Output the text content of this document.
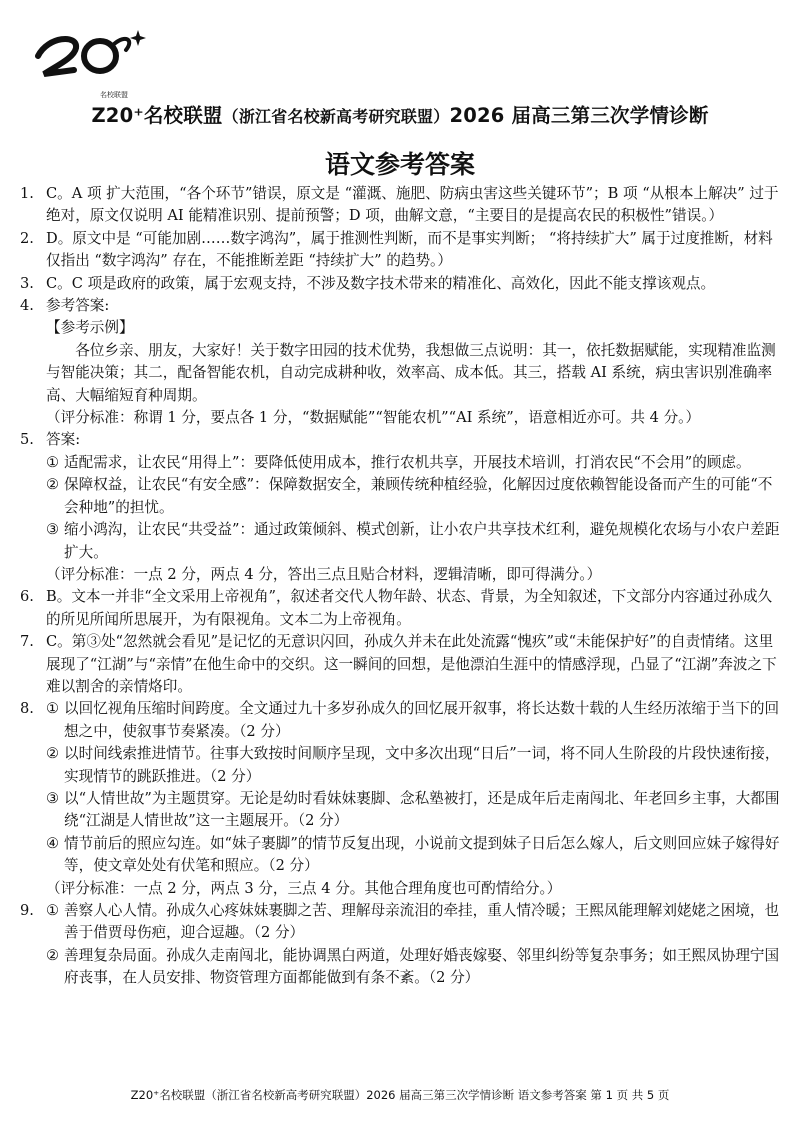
名校联盟
Z20⁺名校联盟（浙江省名校新高考研究联盟）2026 届高三第三次学情诊断
语文参考答案
1. C。A 项 扩大范围，“各个环节”错误，原文是 “灌溉、施肥、防病虫害这些关键环节”；B 项 “从根本上解决” 过于绝对，原文仅说明 AI 能精准识别、提前预警；D 项，曲解文意，“主要目的是提高农民的积极性”错误。）

2. D。原文中是 “可能加剧……数字鸿沟”，属于推测性判断，而不是事实判断； “将持续扩大” 属于过度推断，材料仅指出 “数字鸿沟” 存在，不能推断差距 “持续扩大” 的趋势。）

3. C。C 项是政府的政策，属于宏观支持，不涉及数字技术带来的精准化、高效化，因此不能支撑该观点。

4. 参考答案:

【参考示例】

各位乡亲、朋友，大家好！关于数字田园的技术优势，我想做三点说明：其一，依托数据赋能，实现精准监测与智能决策；其二，配备智能农机，自动完成耕种收，效率高、成本低。其三，搭载 AI 系统，病虫害识别准确率高、大幅缩短育种周期。

（评分标准：称谓 1 分，要点各 1 分，“数据赋能”“智能农机”“AI 系统”，语意相近亦可。共 4 分。）

5. 答案:

① 适配需求，让农民“用得上”：要降低使用成本，推行农机共享，开展技术培训，打消农民“不会用”的顾虑。

② 保障权益，让农民“有安全感”：保障数据安全，兼顾传统种植经验，化解因过度依赖智能设备而产生的可能“不会种地”的担忧。

③ 缩小鸿沟，让农民“共受益”：通过政策倾斜、模式创新，让小农户共享技术红利，避免规模化农场与小农户差距扩大。

（评分标准：一点 2 分，两点 4 分，答出三点且贴合材料，逻辑清晰，即可得满分。）

6. B。文本一并非“全文采用上帝视角”，叙述者交代人物年龄、状态、背景，为全知叙述，下文部分内容通过孙成久的所见所闻所思展开，为有限视角。文本二为上帝视角。

7. C。第③处“忽然就会看见”是记忆的无意识闪回，孙成久并未在此处流露“愧疚”或“未能保护好”的自责情绪。这里展现了“江湖”与“亲情”在他生命中的交织。这一瞬间的回想，是他漂泊生涯中的情感浮现，凸显了“江湖”奔波之下难以割舍的亲情烙印。

8. ① 以回忆视角压缩时间跨度。全文通过九十多岁孙成久的回忆展开叙事，将长达数十载的人生经历浓缩于当下的回想之中，使叙事节奏紧凑。（2 分）

② 以时间线索推进情节。往事大致按时间顺序呈现，文中多次出现“日后”一词，将不同人生阶段的片段快速衔接，实现情节的跳跃推进。（2 分）

③ 以“人情世故”为主题贯穿。无论是幼时看妹妹裹脚、念私塾被打，还是成年后走南闯北、年老回乡主事，大都围绕“江湖是人情世故”这一主题展开。（2 分）

④ 情节前后的照应勾连。如“妹子裹脚”的情节反复出现，小说前文提到妹子日后怎么嫁人，后文则回应妹子嫁得好等，使文章处处有伏笔和照应。（2 分）

（评分标准：一点 2 分，两点 3 分，三点 4 分。其他合理角度也可酌情给分。）

9. ① 善察人心人情。孙成久心疼妹妹裹脚之苦、理解母亲流泪的牵挂，重人情冷暖；王熙凤能理解刘姥姥之困境，也善于借贾母伤疤，迎合逗趣。（2 分）

② 善理复杂局面。孙成久走南闯北，能协调黑白两道，处理好婚丧嫁娶、邻里纠纷等复杂事务；如王熙凤协理宁国府丧事，在人员安排、物资管理方面都能做到有条不紊。（2 分）

Z20⁺名校联盟（浙江省名校新高考研究联盟）2026 届高三第三次学情诊断 语文参考答案 第 1 页 共 5 页
